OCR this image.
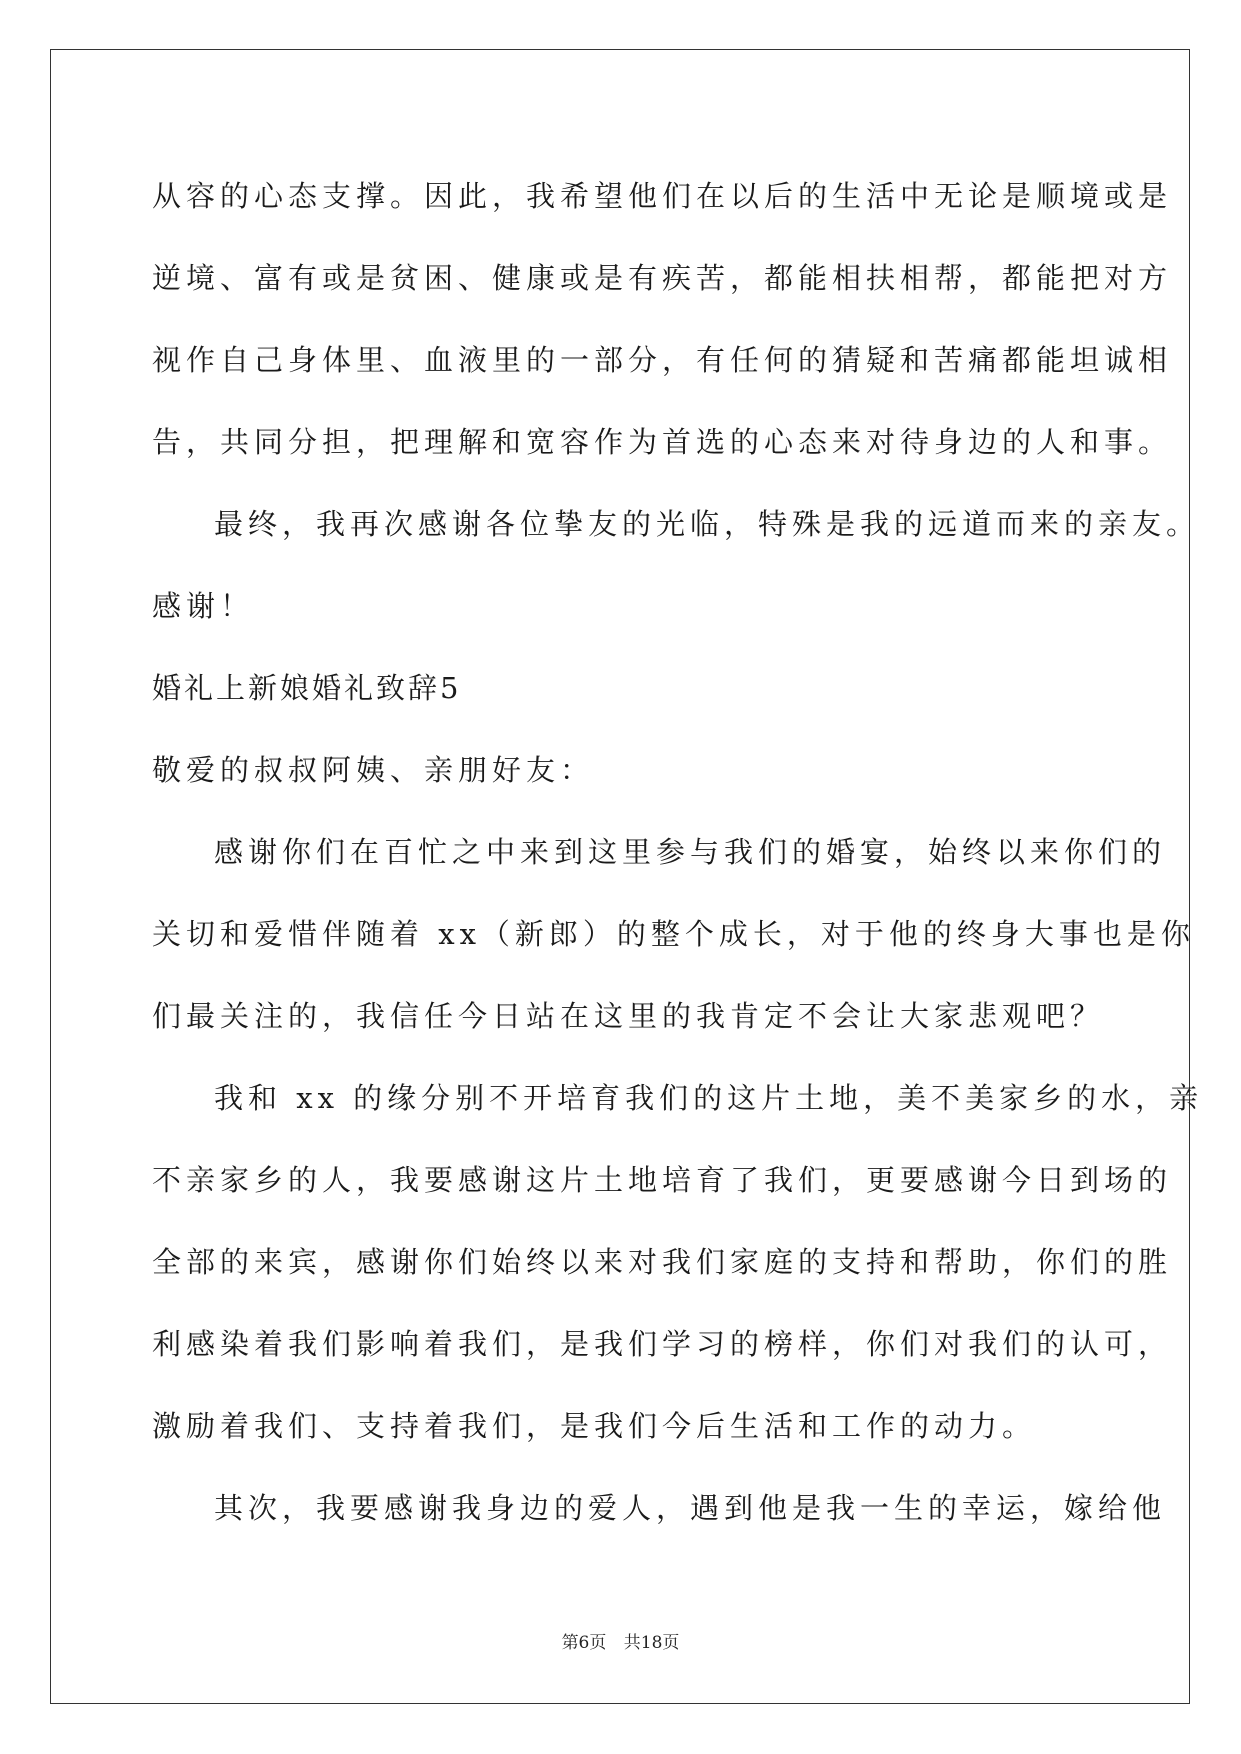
从容的心态支撑。因此，我希望他们在以后的生活中无论是顺境或是
逆境、富有或是贫困、健康或是有疾苦，都能相扶相帮，都能把对方
视作自己身体里、血液里的一部分，有任何的猜疑和苦痛都能坦诚相
告，共同分担，把理解和宽容作为首选的心态来对待身边的人和事。
最终，我再次感谢各位挚友的光临，特殊是我的远道而来的亲友。
感谢！
婚礼上新娘婚礼致辞5
敬爱的叔叔阿姨、亲朋好友：
感谢你们在百忙之中来到这里参与我们的婚宴，始终以来你们的
关切和爱惜伴随着 xx（新郎）的整个成长，对于他的终身大事也是你
们最关注的，我信任今日站在这里的我肯定不会让大家悲观吧？
我和 xx 的缘分别不开培育我们的这片土地，美不美家乡的水，亲
不亲家乡的人，我要感谢这片土地培育了我们，更要感谢今日到场的
全部的来宾，感谢你们始终以来对我们家庭的支持和帮助，你们的胜
利感染着我们影响着我们，是我们学习的榜样，你们对我们的认可，
激励着我们、支持着我们，是我们今后生活和工作的动力。
其次，我要感谢我身边的爱人，遇到他是我一生的幸运，嫁给他
第6页 共18页
